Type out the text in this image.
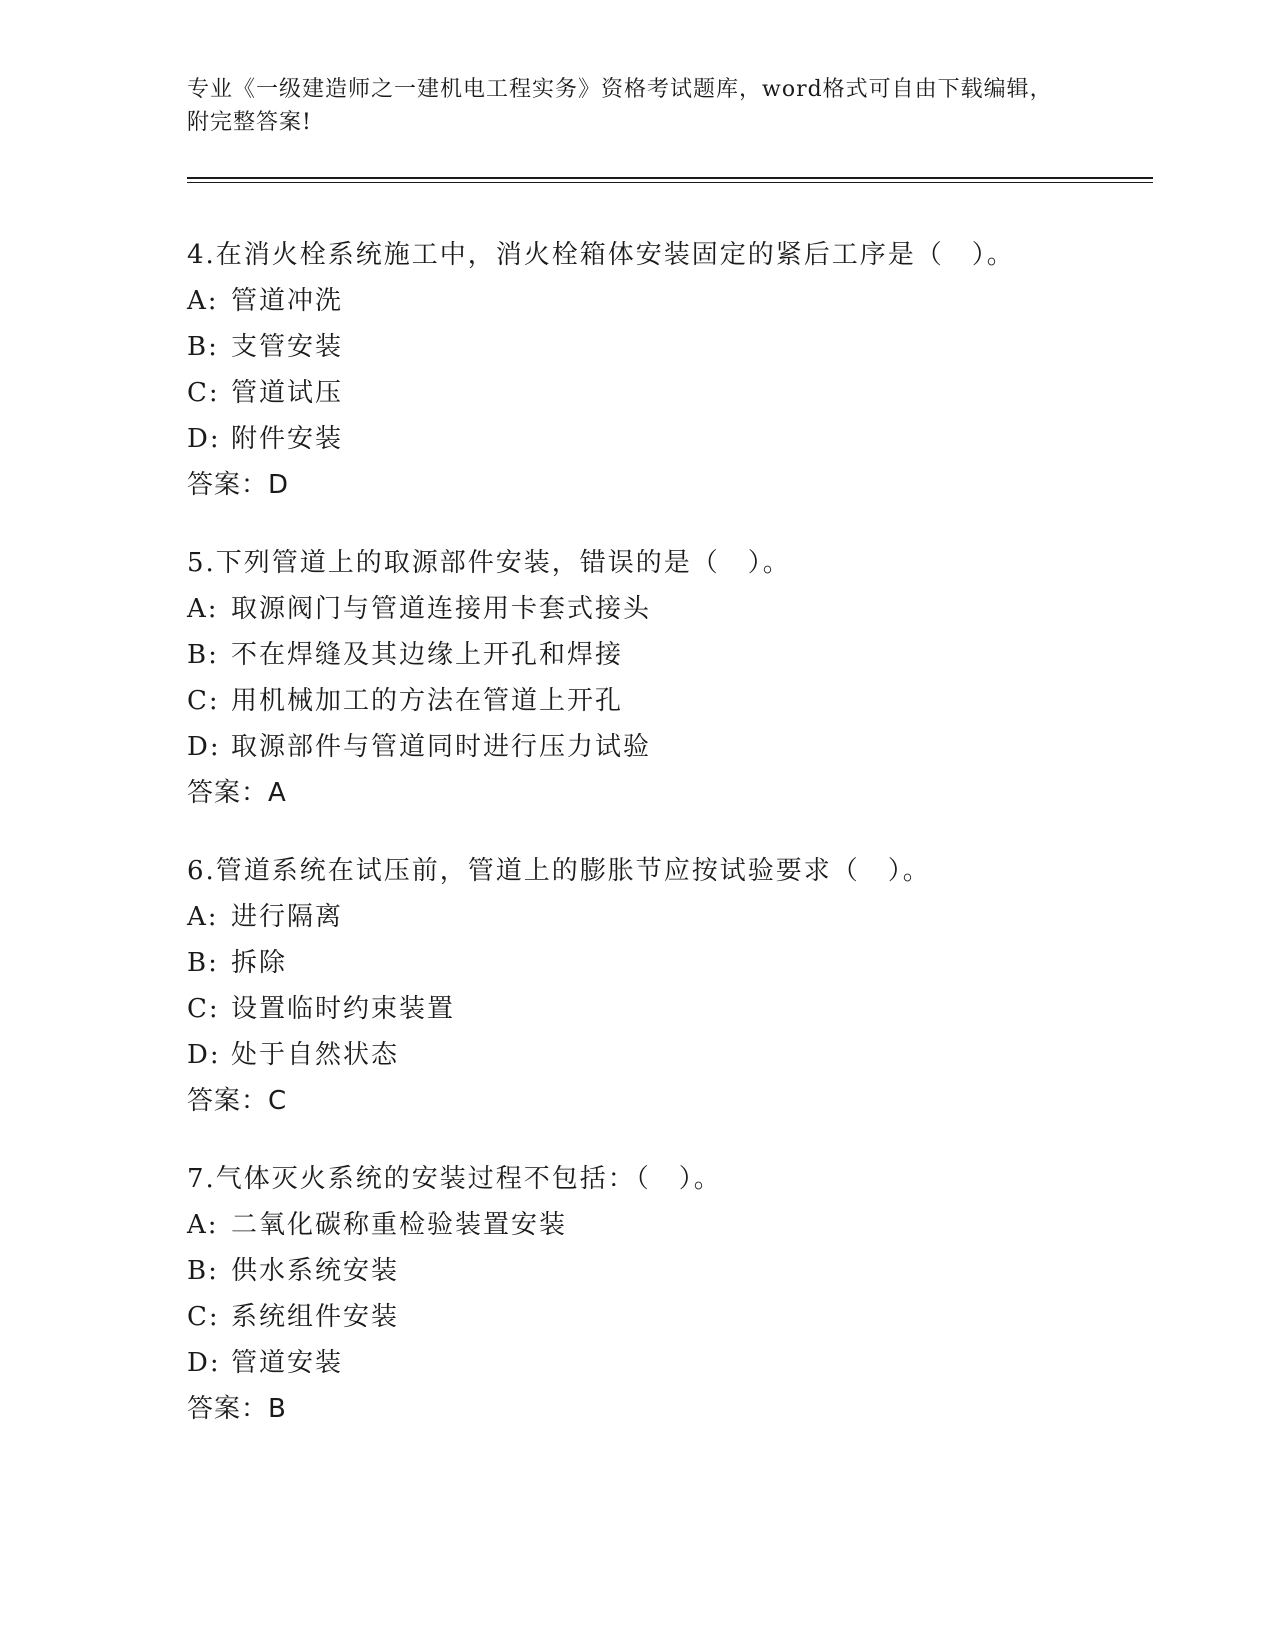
专业《一级建造师之一建机电工程实务》资格考试题库，word格式可自由下载编辑，附完整答案!
4.在消火栓系统施工中，消火栓箱体安装固定的紧后工序是（　）。
A: 管道冲洗
B: 支管安装
C: 管道试压
D: 附件安装
答案：D
5.下列管道上的取源部件安装，错误的是（　）。
A: 取源阀门与管道连接用卡套式接头
B: 不在焊缝及其边缘上开孔和焊接
C: 用机械加工的方法在管道上开孔
D: 取源部件与管道同时进行压力试验
答案：A
6.管道系统在试压前，管道上的膨胀节应按试验要求（　）。
A: 进行隔离
B: 拆除
C: 设置临时约束装置
D: 处于自然状态
答案：C
7.气体灭火系统的安装过程不包括：（　）。
A: 二氧化碳称重检验装置安装
B: 供水系统安装
C: 系统组件安装
D: 管道安装
答案：B
